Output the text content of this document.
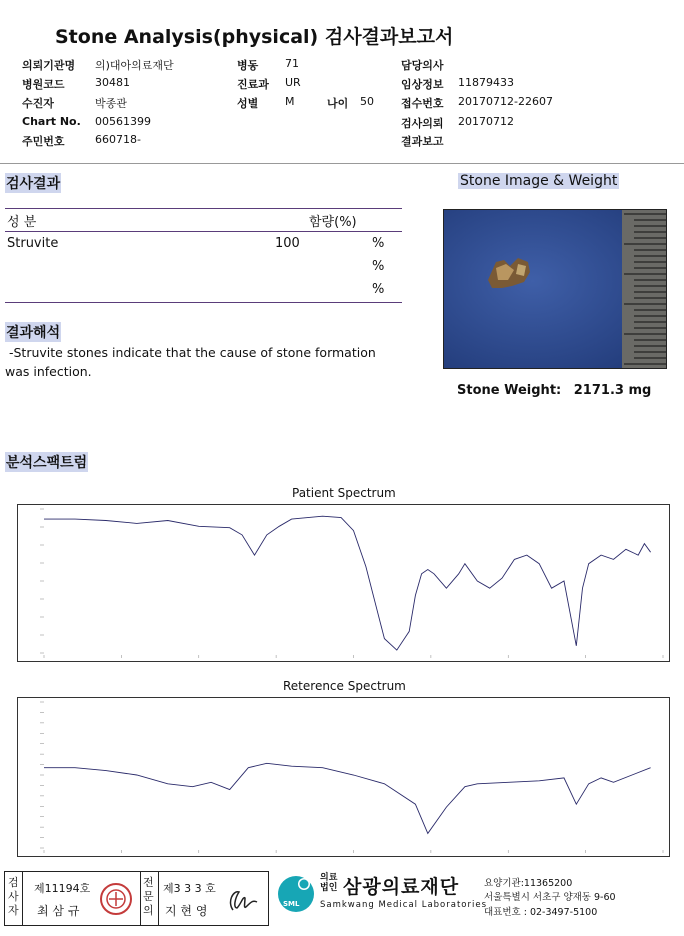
Stone Analysis(physical) 검사결과보고서
의뢰기관명 의)대아의료재단
병원코드	30481
수진자	박종관
Chart No. 00561399
주민번호	660718-
병동 71
진료과 UR
성별 M	나이 50
담당의사
임상정보 11879433
접수번호 20170712-22607
검사의뢰 20170712
결과보고
검사결과
성 분	함량(%)
Struvite	100	%
%
%
결과해석
-Struvite stones indicate that the cause of stone formation
was infection.
Stone Image & Weight
Stone Weight: 2171.3 mg
분석스팩트럼
Patient Spectrum
Reterence Spectrum
검사자
제11194호
최 삼 규
전문의
제3 3 3 호
지 현 영	SML
의료
법인 삼광의료재단
Samkwang Medical Laboratories
요양기관:11365200
서울특별시 서초구 양재동 9-60
대표번호 : 02-3497-5100
